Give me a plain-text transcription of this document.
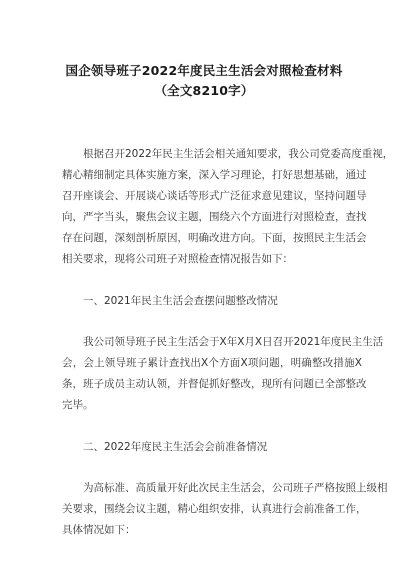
国企领导班子2022年度民主生活会对照检查材料
（全文8210字）
　　根据召开2022年民主生活会相关通知要求，我公司党委高度重视，
精心精细制定具体实施方案，深入学习理论，打好思想基础，通过
召开座谈会、开展谈心谈话等形式广泛征求意见建议，坚持问题导
向，严字当头，聚焦会议主题，围绕六个方面进行对照检查，查找
存在问题，深刻剖析原因，明确改进方向。下面，按照民主生活会
相关要求，现将公司班子对照检查情况报告如下：
　　一、2021年民主生活会查摆问题整改情况
　　我公司领导班子民主生活会于X年X月X日召开2021年度民主生活
会，会上领导班子累计查找出X个方面X项问题，明确整改措施X
条，班子成员主动认领，并督促抓好整改，现所有问题已全部整改
完毕。
　　二、2022年度民主生活会会前准备情况
　　为高标准、高质量开好此次民主生活会，公司班子严格按照上级相
关要求，围绕会议主题，精心组织安排，认真进行会前准备工作，
具体情况如下：
